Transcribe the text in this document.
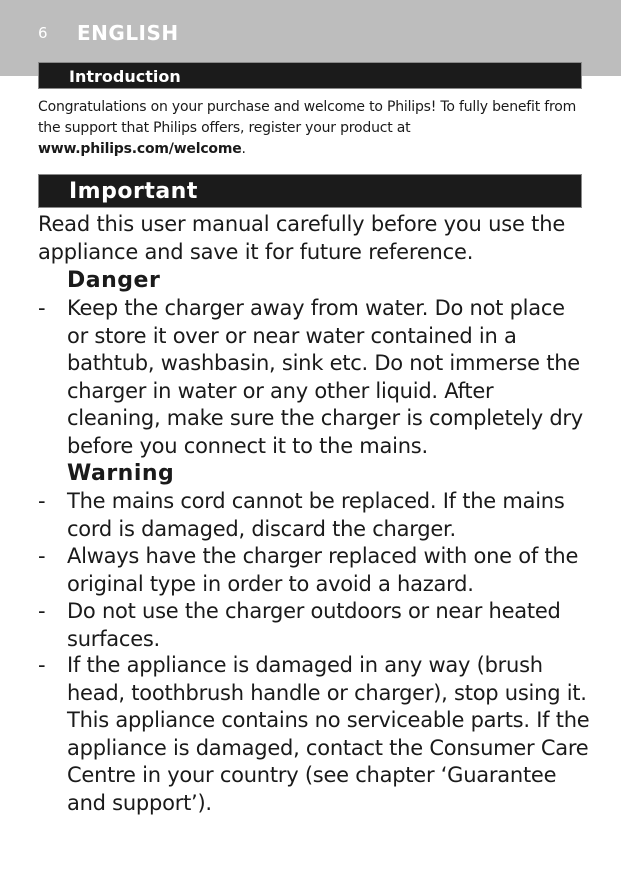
6 ENGLISH
Introduction
Congratulations on your purchase and welcome to Philips! To fully benefit from the support that Philips offers, register your product at www.philips.com/welcome.
Important
Read this user manual carefully before you use the appliance and save it for future reference.
Danger
- Keep the charger away from water. Do not place or store it over or near water contained in a bathtub, washbasin, sink etc. Do not immerse the charger in water or any other liquid. After cleaning, make sure the charger is completely dry before you connect it to the mains.
Warning
- The mains cord cannot be replaced. If the mains cord is damaged, discard the charger.
- Always have the charger replaced with one of the original type in order to avoid a hazard.
- Do not use the charger outdoors or near heated surfaces.
- If the appliance is damaged in any way (brush head, toothbrush handle or charger), stop using it. This appliance contains no serviceable parts. If the appliance is damaged, contact the Consumer Care Centre in your country (see chapter ‘Guarantee and support’).
